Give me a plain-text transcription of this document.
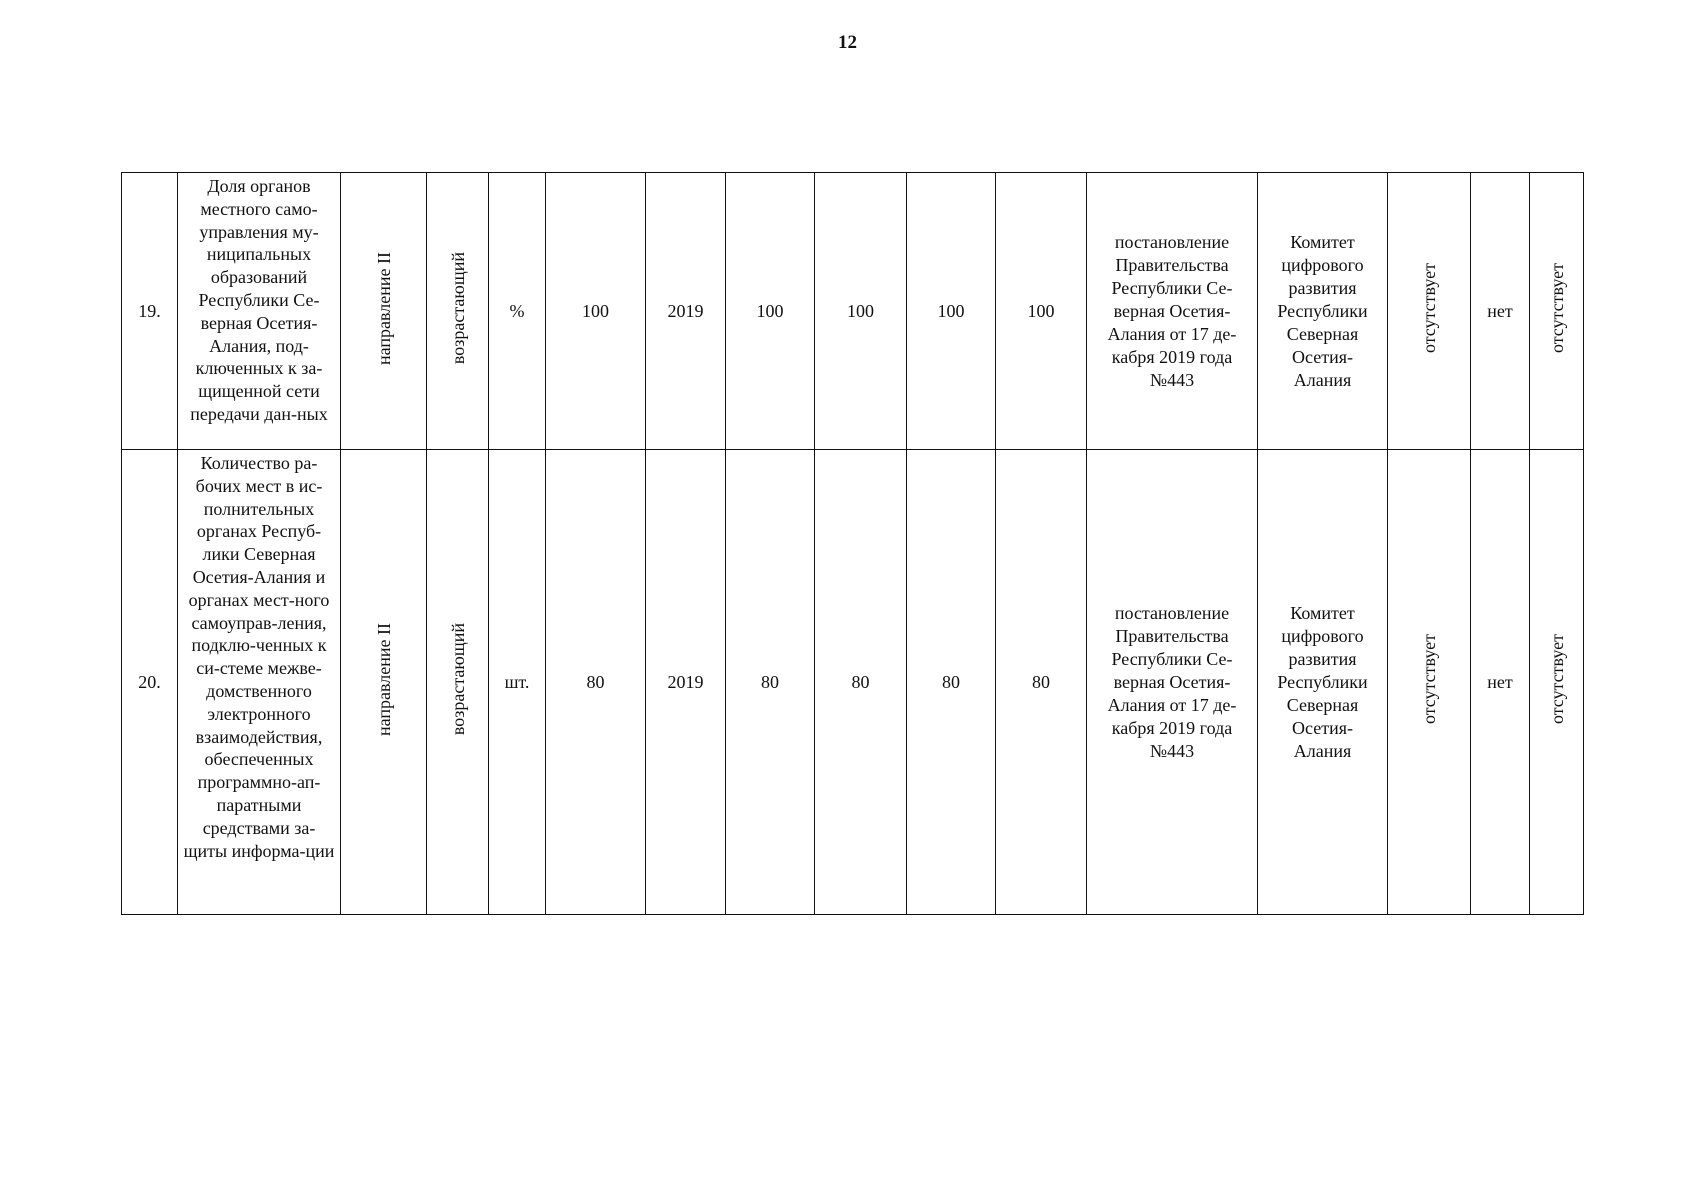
12
19.	Доля органов местного само-управления му-ниципальных образований Республики Се-верная Осетия-Алания, под-ключенных к за-щищенной сети передачи дан-ных	направление II	возрастающий	%	100	2019	100	100	100	100	постановление Правительства Республики Се-верная Осетия-Алания от 17 де-кабря 2019 года №443	Комитет цифрового развития Республики Северная Осетия-Алания	отсутствует	нет	отсутствует
20.	Количество ра-бочих мест в ис-полнительных органах Респуб-лики Северная Осетия-Алания и органах мест-ного самоуправ-ления, подклю-ченных к си-стеме межве-домственного электронного взаимодействия, обеспеченных программно-ап-паратными средствами за-щиты информа-ции	направление II	возрастающий	шт.	80	2019	80	80	80	80	постановление Правительства Республики Се-верная Осетия-Алания от 17 де-кабря 2019 года №443	Комитет цифрового развития Республики Северная Осетия-Алания	отсутствует	нет	отсутствует
